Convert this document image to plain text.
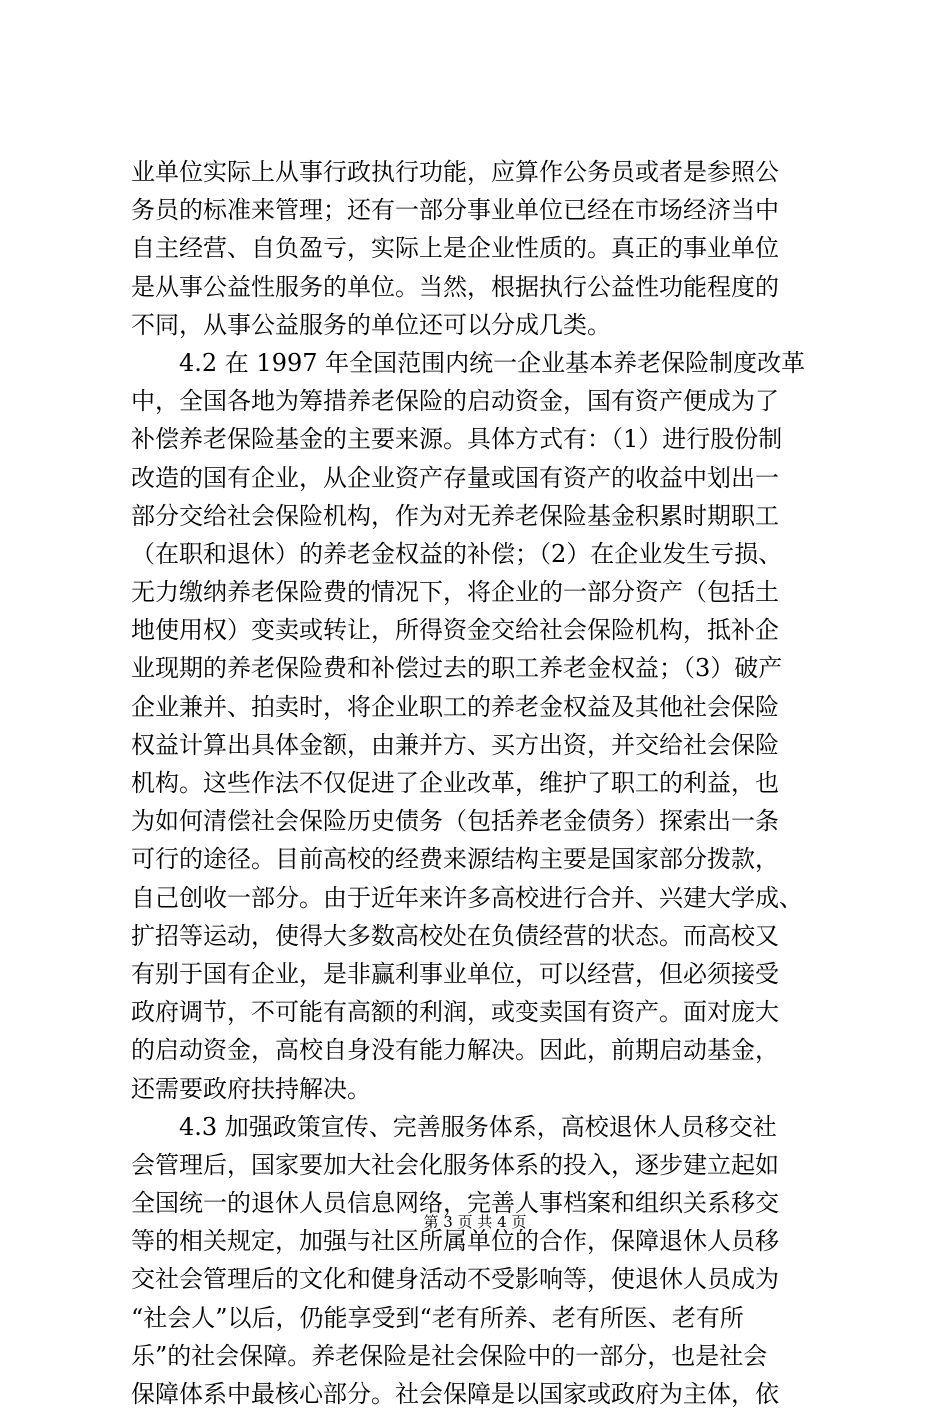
业单位实际上从事行政执行功能，应算作公务员或者是参照公
务员的标准来管理；还有一部分事业单位已经在市场经济当中
自主经营、自负盈亏，实际上是企业性质的。真正的事业单位
是从事公益性服务的单位。当然，根据执行公益性功能程度的
不同，从事公益服务的单位还可以分成几类。
　　4.2 在 1997 年全国范围内统一企业基本养老保险制度改革
中，全国各地为筹措养老保险的启动资金，国有资产便成为了
补偿养老保险基金的主要来源。具体方式有：（1）进行股份制
改造的国有企业，从企业资产存量或国有资产的收益中划出一
部分交给社会保险机构，作为对无养老保险基金积累时期职工
（在职和退休）的养老金权益的补偿；（2）在企业发生亏损、
无力缴纳养老保险费的情况下，将企业的一部分资产（包括土
地使用权）变卖或转让，所得资金交给社会保险机构，抵补企
业现期的养老保险费和补偿过去的职工养老金权益；（3）破产
企业兼并、拍卖时，将企业职工的养老金权益及其他社会保险
权益计算出具体金额，由兼并方、买方出资，并交给社会保险
机构。这些作法不仅促进了企业改革，维护了职工的利益，也
为如何清偿社会保险历史债务（包括养老金债务）探索出一条
可行的途径。目前高校的经费来源结构主要是国家部分拨款，
自己创收一部分。由于近年来许多高校进行合并、兴建大学成、
扩招等运动，使得大多数高校处在负债经营的状态。而高校又
有别于国有企业，是非赢利事业单位，可以经营，但必须接受
政府调节，不可能有高额的利润，或变卖国有资产。面对庞大
的启动资金，高校自身没有能力解决。因此，前期启动基金，
还需要政府扶持解决。
　　4.3 加强政策宣传、完善服务体系，高校退休人员移交社
会管理后，国家要加大社会化服务体系的投入，逐步建立起如
全国统一的退休人员信息网络，完善人事档案和组织关系移交
等的相关规定，加强与社区所属单位的合作，保障退休人员移
交社会管理后的文化和健身活动不受影响等，使退休人员成为
“社会人”以后，仍能享受到“老有所养、老有所医、老有所
乐”的社会保障。养老保险是社会保险中的一部分，也是社会
保障体系中最核心部分。社会保障是以国家或政府为主体，依
第 3 页 共 4 页
